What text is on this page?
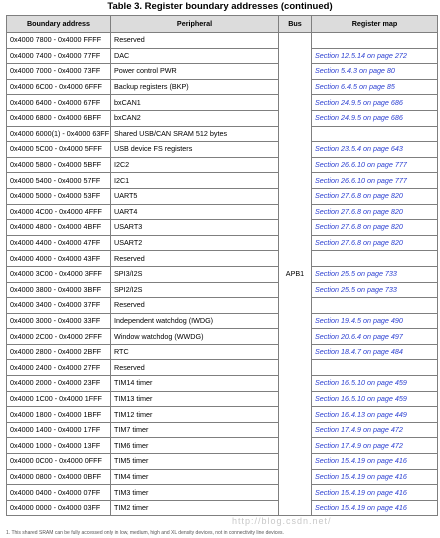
Table 3. Register boundary addresses (continued)
Boundary address	Peripheral	Bus	Register map
0x4000 7800 - 0x4000 FFFF	Reserved	APB1	
0x4000 7400 - 0x4000 77FF	DAC		Section 12.5.14 on page 272
0x4000 7000 - 0x4000 73FF	Power control PWR		Section 5.4.3 on page 80
0x4000 6C00 - 0x4000 6FFF	Backup registers (BKP)		Section 6.4.5 on page 85
0x4000 6400 - 0x4000 67FF	bxCAN1		Section 24.9.5 on page 686
0x4000 6800 - 0x4000 6BFF	bxCAN2		Section 24.9.5 on page 686
0x4000 6000(1) - 0x4000 63FF	Shared USB/CAN SRAM 512 bytes		
0x4000 5C00 - 0x4000 5FFF	USB device FS registers		Section 23.5.4 on page 643
0x4000 5800 - 0x4000 5BFF	I2C2		Section 26.6.10 on page 777
0x4000 5400 - 0x4000 57FF	I2C1		Section 26.6.10 on page 777
0x4000 5000 - 0x4000 53FF	UART5		Section 27.6.8 on page 820
0x4000 4C00 - 0x4000 4FFF	UART4		Section 27.6.8 on page 820
0x4000 4800 - 0x4000 4BFF	USART3		Section 27.6.8 on page 820
0x4000 4400 - 0x4000 47FF	USART2		Section 27.6.8 on page 820
0x4000 4000 - 0x4000 43FF	Reserved		
0x4000 3C00 - 0x4000 3FFF	SPI3/I2S		Section 25.5 on page 733
0x4000 3800 - 0x4000 3BFF	SPI2/I2S		Section 25.5 on page 733
0x4000 3400 - 0x4000 37FF	Reserved		
0x4000 3000 - 0x4000 33FF	Independent watchdog (IWDG)		Section 19.4.5 on page 490
0x4000 2C00 - 0x4000 2FFF	Window watchdog (WWDG)		Section 20.6.4 on page 497
0x4000 2800 - 0x4000 2BFF	RTC		Section 18.4.7 on page 484
0x4000 2400 - 0x4000 27FF	Reserved		
0x4000 2000 - 0x4000 23FF	TIM14 timer		Section 16.5.10 on page 459
0x4000 1C00 - 0x4000 1FFF	TIM13 timer		Section 16.5.10 on page 459
0x4000 1800 - 0x4000 1BFF	TIM12 timer		Section 16.4.13 on page 449
0x4000 1400 - 0x4000 17FF	TIM7 timer		Section 17.4.9 on page 472
0x4000 1000 - 0x4000 13FF	TIM6 timer		Section 17.4.9 on page 472
0x4000 0C00 - 0x4000 0FFF	TIM5 timer		Section 15.4.19 on page 416
0x4000 0800 - 0x4000 0BFF	TIM4 timer		Section 15.4.19 on page 416
0x4000 0400 - 0x4000 07FF	TIM3 timer		Section 15.4.19 on page 416
0x4000 0000 - 0x4000 03FF	TIM2 timer		Section 15.4.19 on page 416
1. This shared SRAM can be fully accessed only in low, medium, high and XL density devices, not in connectivity line devices.
http://blog.csdn.net/
